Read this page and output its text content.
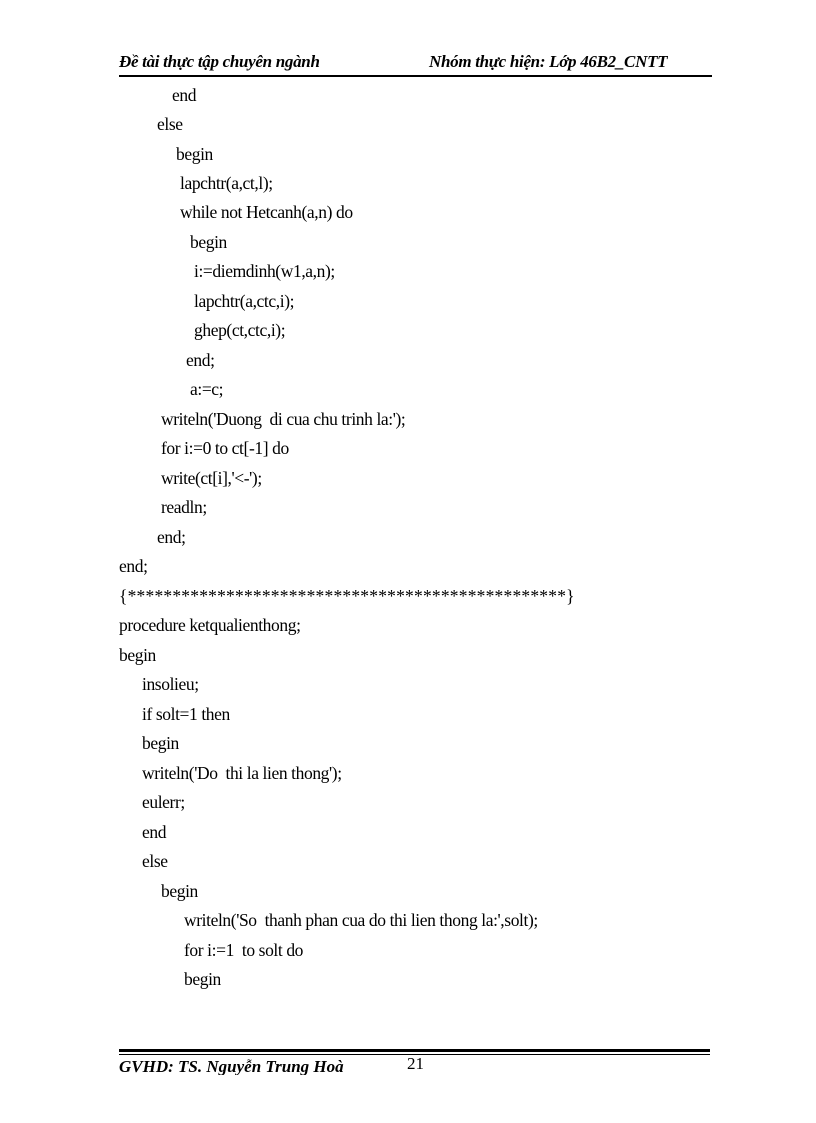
Đề tài thực tập chuyên ngành	Nhóm thực hiện: Lớp 46B2_CNTT
end
else
begin
lapchtr(a,ct,l);
while not Hetcanh(a,n) do
begin
i:=diemdinh(w1,a,n);
lapchtr(a,ctc,i);
ghep(ct,ctc,i);
end;
a:=c;
writeln('Duong  di cua chu trinh la:');
for i:=0 to ct[-1] do
write(ct[i],'<-');
readln;
end;
end;
{*************************************************}
procedure ketqualienthong;
begin
insolieu;
if solt=1 then
begin
writeln('Do  thi la lien thong');
eulerr;
end
else
begin
writeln('So  thanh phan cua do thi lien thong la:',solt);
for i:=1  to solt do
begin
GVHD: TS. Nguyễn Trung Hoà	21
